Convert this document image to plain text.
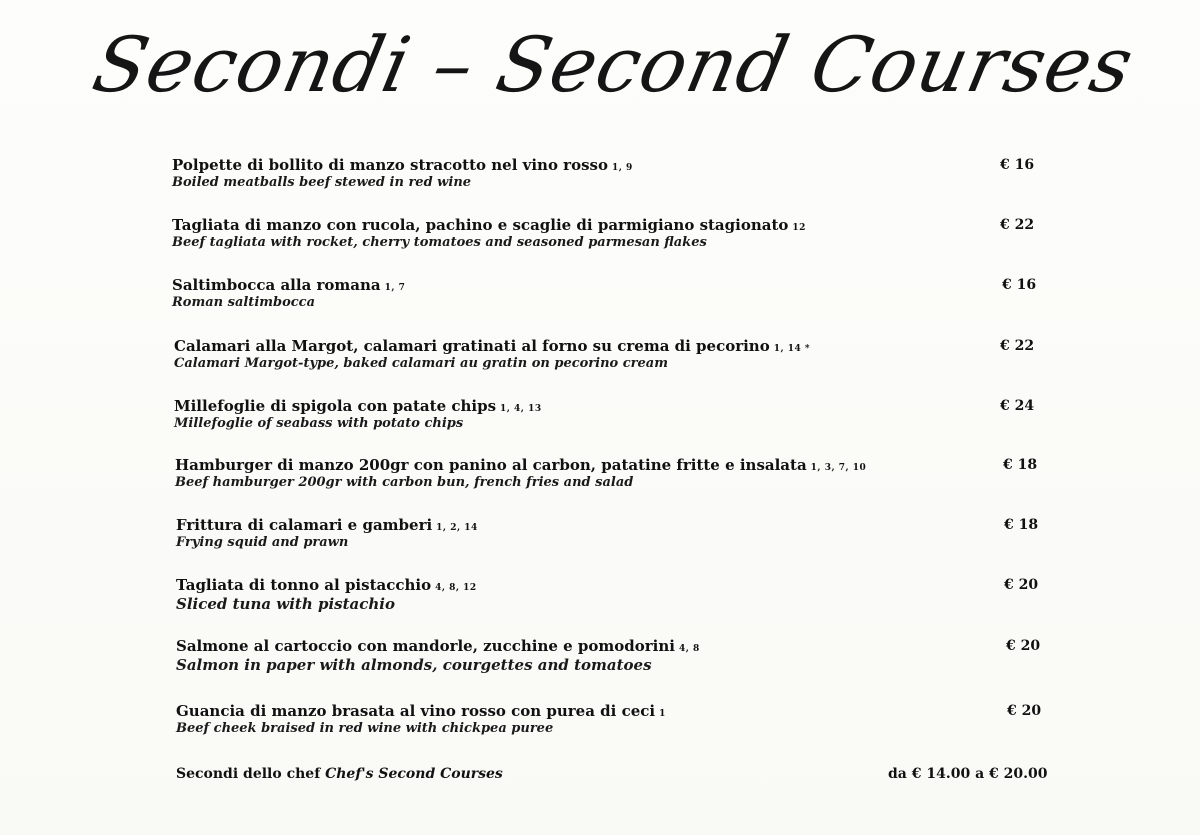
Secondi – Second Courses
Polpette di bollito di manzo stracotto nel vino rosso 1, 9
Boiled meatballs beef stewed in red wine
€ 16
Tagliata di manzo con rucola, pachino e scaglie di parmigiano stagionato 12
Beef tagliata with rocket, cherry tomatoes and seasoned parmesan flakes
€ 22
Saltimbocca alla romana 1, 7
Roman saltimbocca
€ 16
Calamari alla Margot, calamari gratinati al forno su crema di pecorino 1, 14 *
Calamari Margot-type, baked calamari au gratin on pecorino cream
€ 22
Millefoglie di spigola con patate chips 1, 4, 13
Millefoglie of seabass with potato chips
€ 24
Hamburger di manzo 200gr con panino al carbon, patatine fritte e insalata 1, 3, 7, 10
Beef hamburger 200gr with carbon bun, french fries and salad
€ 18
Frittura di calamari e gamberi 1, 2, 14
Frying squid and prawn
€ 18
Tagliata di tonno al pistacchio 4, 8, 12
Sliced tuna with pistachio
€ 20
Salmone al cartoccio con mandorle, zucchine e pomodorini 4, 8
Salmon in paper with almonds, courgettes and tomatoes
€ 20
Guancia di manzo brasata al vino rosso con purea di ceci 1
Beef cheek braised in red wine with chickpea puree
€ 20
Secondi dello chef Chef's Second Courses	da € 14.00 a € 20.00
